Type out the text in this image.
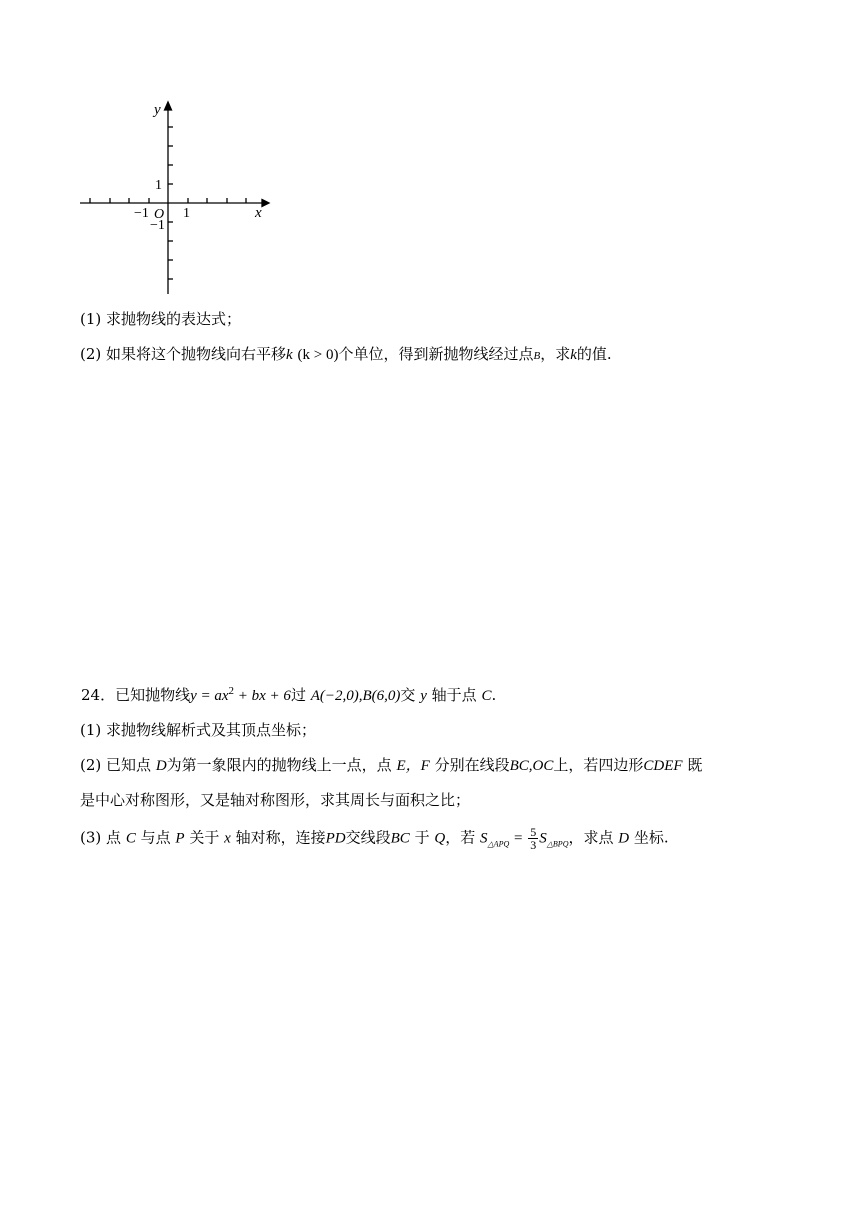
y
x
1
−1 O 1
−1
(1) 求抛物线的表达式；
(2) 如果将这个抛物线向右平移k (k > 0)个单位，得到新抛物线经过点B，求k的值.
24．已知抛物线$y = ax^2$ + bx + 6过 A(−2,0),B(6,0)交 y 轴于点 C.
(1) 求抛物线解析式及其顶点坐标；
(2) 已知点 D为第一象限内的抛物线上一点，点 E，F 分别在线段BC,OC上，若四边形CDEF 既
是中心对称图形，又是轴对称图形，求其周长与面积之比；
(3) 点 C 与点 P 关于 x 轴对称，连接PD交线段BC 于 Q，若 $S_{\triangle APQ} = \frac{5}{3} S_{\triangle BPQ}$，求点 D 坐标.
